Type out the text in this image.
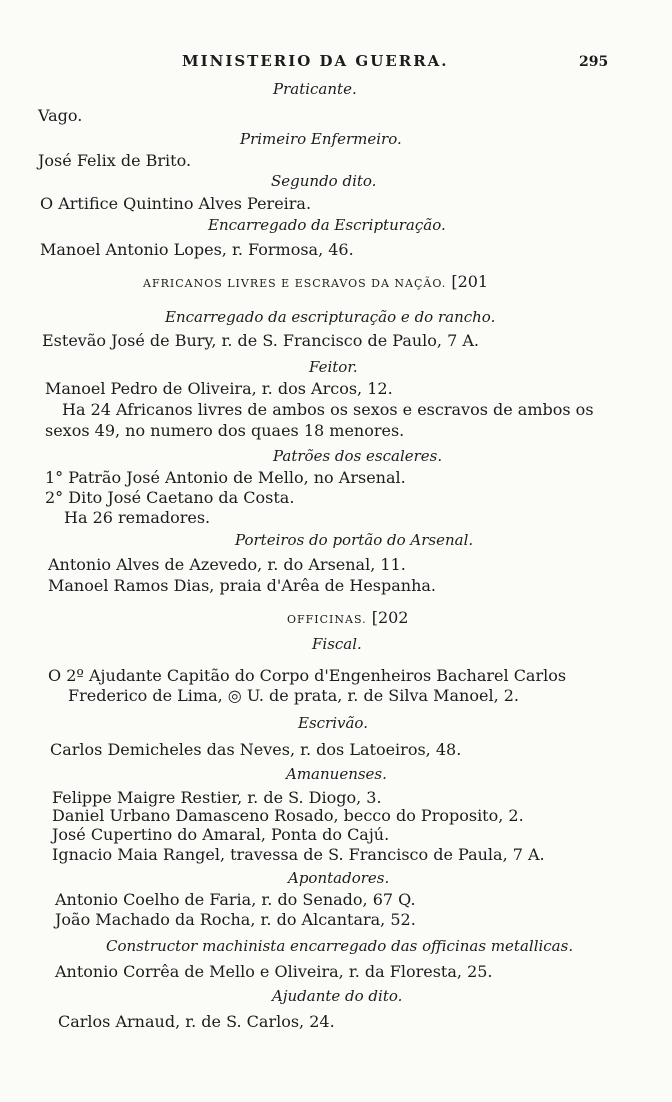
MINISTERIO DA GUERRA.	295
Praticante.
Vago.
Primeiro Enfermeiro.
José Felix de Brito.
Segundo dito.
O Artifice Quintino Alves Pereira.
Encarregado da Escripturação.
Manoel Antonio Lopes, r. Formosa, 46.
AFRICANOS LIVRES E ESCRAVOS DA NAÇÃO. [201
Encarregado da escripturação e do rancho.
Estevão José de Bury, r. de S. Francisco de Paulo, 7 A.
Feitor.
Manoel Pedro de Oliveira, r. dos Arcos, 12.
Ha 24 Africanos livres de ambos os sexos e escravos de ambos os
sexos 49, no numero dos quaes 18 menores.
Patrões dos escaleres.
1° Patrão José Antonio de Mello, no Arsenal.
2° Dito José Caetano da Costa.
Ha 26 remadores.
Porteiros do portão do Arsenal.
Antonio Alves de Azevedo, r. do Arsenal, 11.
Manoel Ramos Dias, praia d'Arêa de Hespanha.
OFFICINAS. [202
Fiscal.
O 2º Ajudante Capitão do Corpo d'Engenheiros Bacharel Carlos
Frederico de Lima, ◎ U. de prata, r. de Silva Manoel, 2.
Escrivão.
Carlos Demicheles das Neves, r. dos Latoeiros, 48.
Amanuenses.
Felippe Maigre Restier, r. de S. Diogo, 3.
Daniel Urbano Damasceno Rosado, becco do Proposito, 2.
José Cupertino do Amaral, Ponta do Cajú.
Ignacio Maia Rangel, travessa de S. Francisco de Paula, 7 A.
Apontadores.
Antonio Coelho de Faria, r. do Senado, 67 Q.
João Machado da Rocha, r. do Alcantara, 52.
Constructor machinista encarregado das officinas metallicas.
Antonio Corrêa de Mello e Oliveira, r. da Floresta, 25.
Ajudante do dito.
Carlos Arnaud, r. de S. Carlos, 24.
